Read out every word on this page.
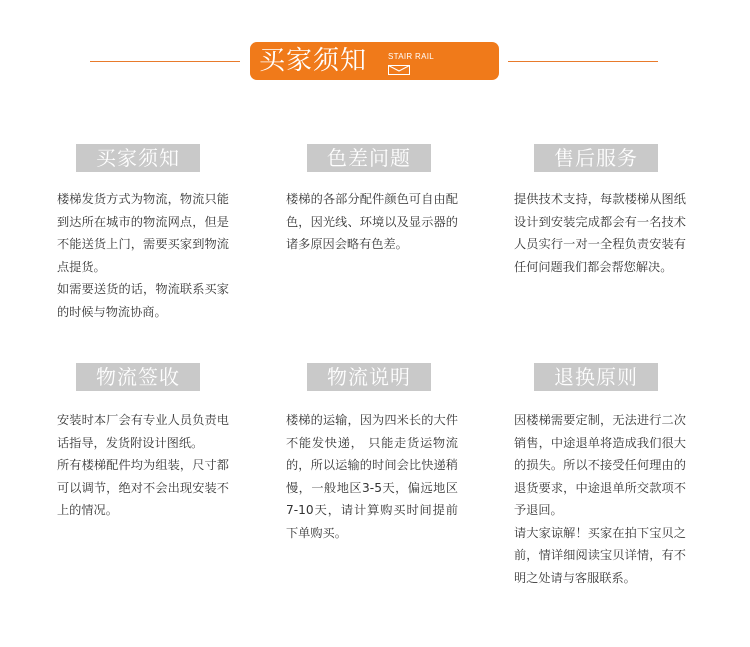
买家须知	STAIR RAIL
买家须知
楼梯发货方式为物流，物流只能到达所在城市的物流网点，但是不能送货上门，需要买家到物流点提货。
如需要送货的话，物流联系买家的时候与物流协商。
色差问题
楼梯的各部分配件颜色可自由配色，因光线、环境以及显示器的诸多原因会略有色差。
售后服务
提供技术支持，每款楼梯从图纸设计到安装完成都会有一名技术人员实行一对一全程负责安装有任何问题我们都会帮您解决。
物流签收
安装时本厂会有专业人员负责电话指导，发货附设计图纸。
所有楼梯配件均为组装，尺寸都可以调节，绝对不会出现安装不上的情况。
物流说明
楼梯的运输，因为四米长的大件不能发快递， 只能走货运物流的，所以运输的时间会比快递稍慢，一般地区3-5天，偏远地区7-10天，请计算购买时间提前下单购买。
退换原则
因楼梯需要定制，无法进行二次销售，中途退单将造成我们很大的损失。所以不接受任何理由的退货要求，中途退单所交款项不予退回。
请大家谅解！买家在拍下宝贝之前，情详细阅读宝贝详情，有不明之处请与客服联系。
